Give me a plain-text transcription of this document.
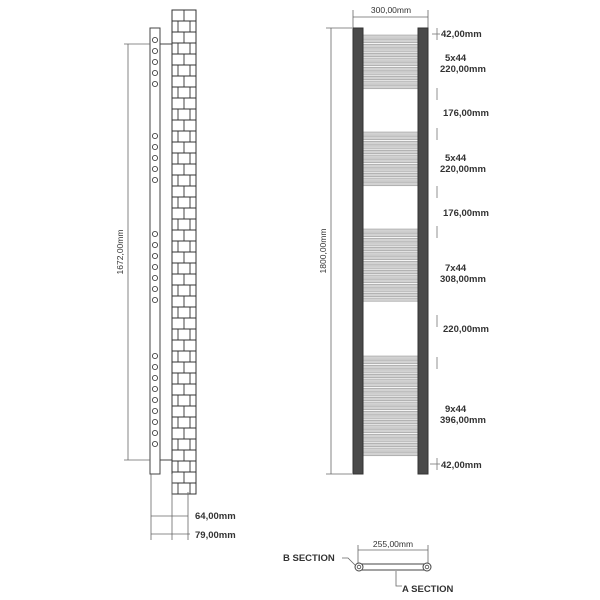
1672,00mm
64,00mm
79,00mm
300,00mm
1800,00mm
42,00mm
5x44
220,00mm
176,00mm
5x44
220,00mm
176,00mm
7x44
308,00mm
220,00mm
9x44
396,00mm
42,00mm
255,00mm
B SECTION
A SECTION
